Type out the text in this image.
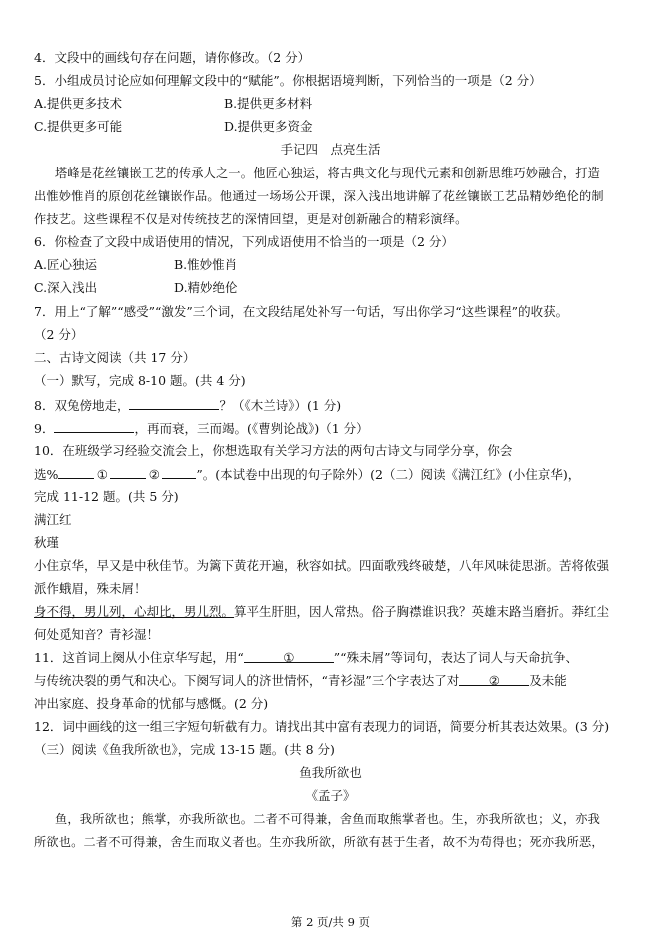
4．文段中的画线句存在问题，请你修改。（2 分）
5．小组成员讨论应如何理解文段中的“赋能”。你根据语境判断，下列恰当的一项是（2 分）
A.提供更多技术	B.提供更多材料
C.提供更多可能	D.提供更多资金
手记四　点亮生活
塔峰是花丝镶嵌工艺的传承人之一。他匠心独运，将古典文化与现代元素和创新思维巧妙融合，打造
出惟妙惟肖的原创花丝镶嵌作品。他通过一场场公开课，深入浅出地讲解了花丝镶嵌工艺品精妙绝伦的制
作技艺。这些课程不仅是对传统技艺的深情回望，更是对创新融合的精彩演绎。
6．你检查了文段中成语使用的情况，下列成语使用不恰当的一项是（2 分）
A.匠心独运	B.惟妙惟肖
C.深入浅出	D.精妙绝伦
7．用上“了解”“感受”“激发”三个词，在文段结尾处补写一句话，写出你学习“这些课程”的收获。
（2 分）
二、古诗文阅读（共 17 分）
（一）默写，完成 8-10 题。(共 4 分)
8．双兔傍地走，	？（《木兰诗》）(1 分)
9．	，再而衰，三而竭。(《曹刿论战》)（1 分）
10．在班级学习经验交流会上，你想选取有关学习方法的两句古诗文与同学分享，你会
选%	①	②	”。(本试卷中出现的句子除外）(2（二）阅读《满江红》(小住京华)，
完成 11-12 题。(共 5 分)
满江红
秋瑾
小住京华，早又是中秋佳节。为篱下黄花开遍，秋容如拭。四面歌残终破楚，八年风味徒思浙。苦将侬强
派作蛾眉，殊未屑！
身不得，男儿列，心却比，男儿烈。算平生肝胆，因人常热。俗子胸襟谁识我？英雄末路当磨折。莽红尘
何处觅知音？青衫湿！
11．这首词上阕从小住京华写起，用“	①	”“殊未屑”等词句，表达了词人与天命抗争、
与传统决裂的勇气和决心。下阕写词人的济世情怀，“青衫湿”三个字表达了对 ② 及未能
冲出家庭、投身革命的忧郁与感慨。(2 分)
12．词中画线的这一组三字短句斩截有力。请找出其中富有表现力的词语，简要分析其表达效果。(3 分)
（三）阅读《鱼我所欲也》，完成 13-15 题。(共 8 分)
鱼我所欲也
《孟子》
鱼，我所欲也；熊掌，亦我所欲也。二者不可得兼，舍鱼而取熊掌者也。生，亦我所欲也；义，亦我
所欲也。二者不可得兼，舍生而取义者也。生亦我所欲，所欲有甚于生者，故不为苟得也；死亦我所恶，
第 2 页/共 9 页
